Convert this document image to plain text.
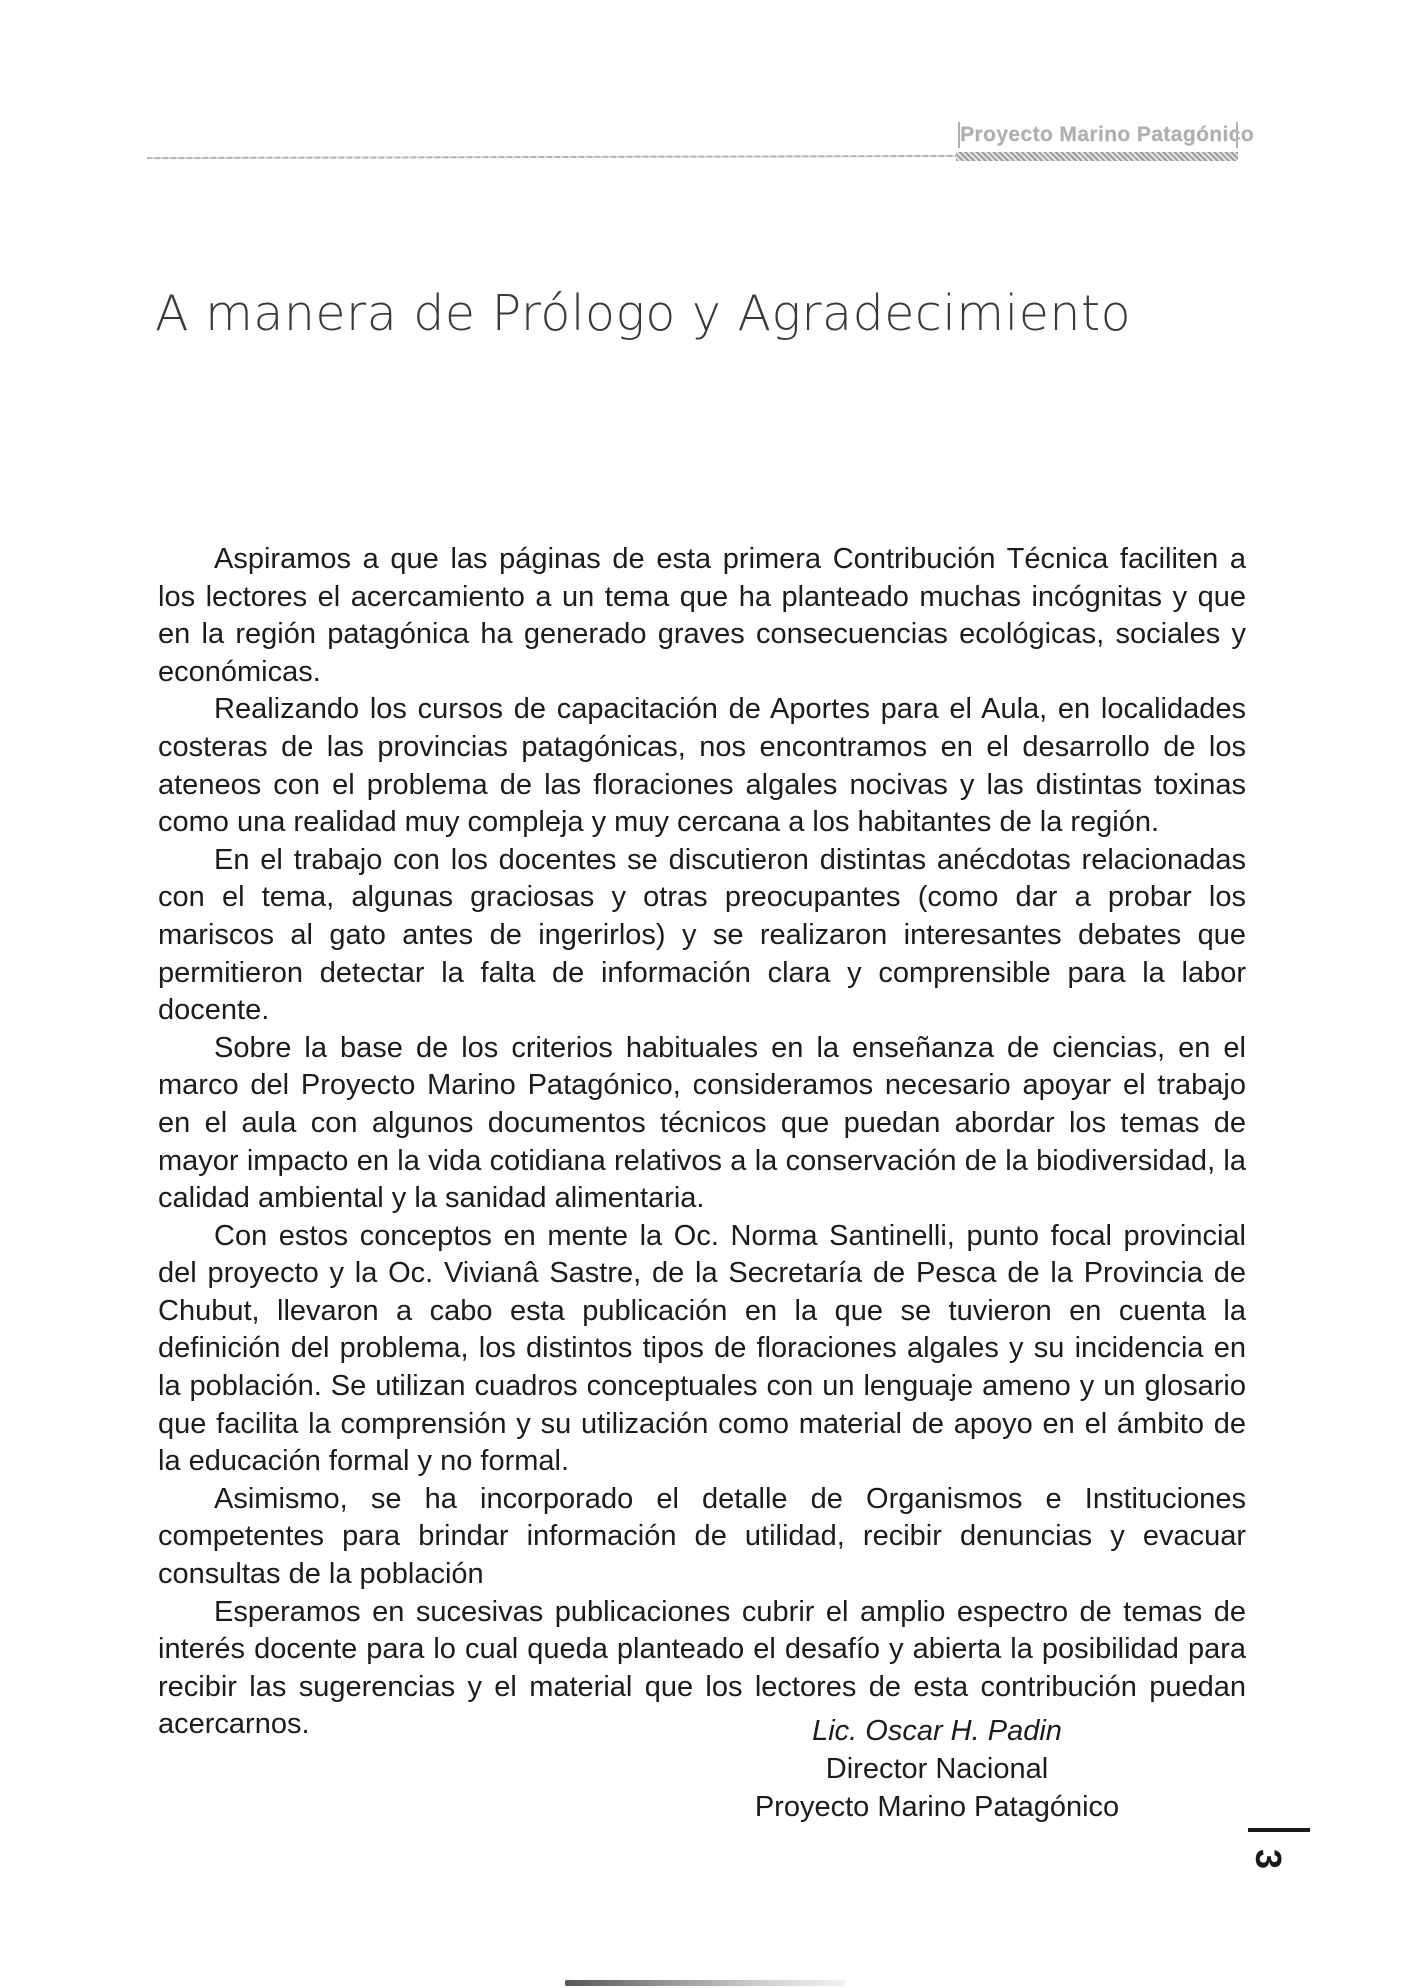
Proyecto Marino Patagónico
A manera de Prólogo y Agradecimiento

Aspiramos a que las páginas de esta primera Contribución Técnica faciliten a los lectores el acercamiento a un tema que ha planteado muchas incógnitas y que en la región patagónica ha generado graves consecuencias ecológicas, sociales y económicas.

Realizando los cursos de capacitación de Aportes para el Aula, en localidades costeras de las provincias patagónicas, nos encontramos en el desarrollo de los ateneos con el problema de las floraciones algales nocivas y las distintas toxinas como una realidad muy compleja y muy cercana a los habitantes de la región.

En el trabajo con los docentes se discutieron distintas anécdotas relacionadas con el tema, algunas graciosas y otras preocupantes (como dar a probar los mariscos al gato antes de ingerirlos) y se realizaron interesantes debates que permitieron detectar la falta de información clara y comprensible para la labor docente.

Sobre la base de los criterios habituales en la enseñanza de ciencias, en el marco del Proyecto Marino Patagónico, consideramos necesario apoyar el trabajo en el aula con algunos documentos técnicos que puedan abordar los temas de mayor impacto en la vida cotidiana relativos a la conservación de la biodiversidad, la calidad ambiental y la sanidad alimentaria.

Con estos conceptos en mente la Oc. Norma Santinelli, punto focal provincial del proyecto y la Oc. Vivianâ Sastre, de la Secretaría de Pesca de la Provincia de Chubut, llevaron a cabo esta publicación en la que se tuvieron en cuenta la definición del problema, los distintos tipos de floraciones algales y su incidencia en la población. Se utilizan cuadros conceptuales con un lenguaje ameno y un glosario que facilita la comprensión y su utilización como material de apoyo en el ámbito de la educación formal y no formal.

Asimismo, se ha incorporado el detalle de Organismos e Instituciones competentes para brindar información de utilidad, recibir denuncias y evacuar consultas de la población

Esperamos en sucesivas publicaciones cubrir el amplio espectro de temas de interés docente para lo cual queda planteado el desafío y abierta la posibilidad para recibir las sugerencias y el material que los lectores de esta contribución puedan acercarnos.	Lic. Oscar H. Padin
Director Nacional
Proyecto Marino Patagónico
3
